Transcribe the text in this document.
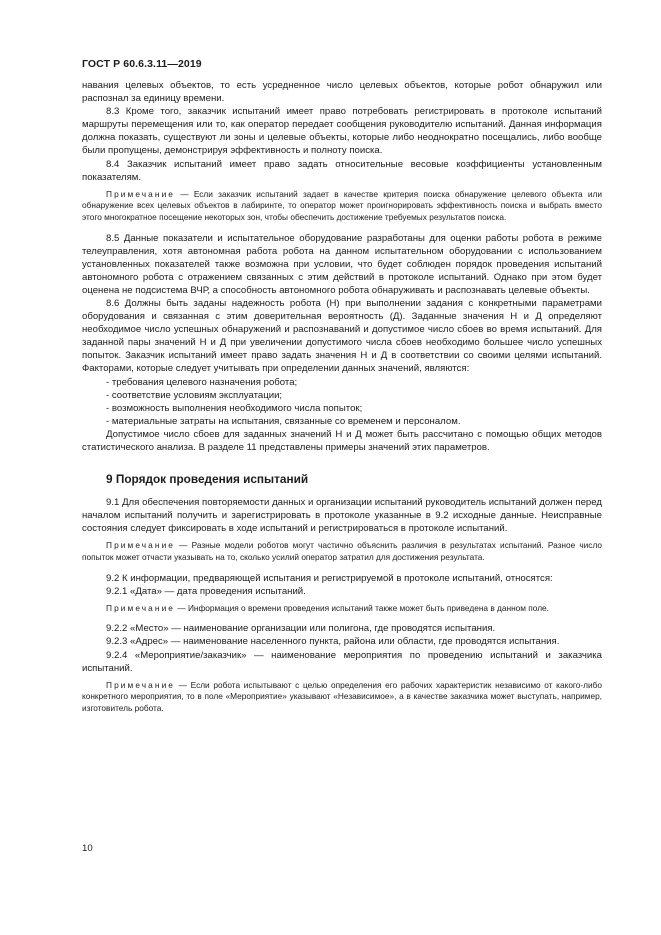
ГОСТ Р 60.6.3.11—2019

навания целевых объектов, то есть усредненное число целевых объектов, которые робот обнаружил или распознал за единицу времени.

8.3 Кроме того, заказчик испытаний имеет право потребовать регистрировать в протоколе испытаний маршруты перемещения или то, как оператор передает сообщения руководителю испытаний. Данная информация должна показать, существуют ли зоны и целевые объекты, которые либо неоднократно посещались, либо вообще были пропущены, демонстрируя эффективность и полноту поиска.

8.4 Заказчик испытаний имеет право задать относительные весовые коэффициенты установленным показателям.

Примечание — Если заказчик испытаний задает в качестве критерия поиска обнаружение целевого объекта или обнаружение всех целевых объектов в лабиринте, то оператор может проигнорировать эффективность поиска и выбрать вместо этого многократное посещение некоторых зон, чтобы обеспечить достижение требуемых результатов поиска.

8.5 Данные показатели и испытательное оборудование разработаны для оценки работы робота в режиме телеуправления, хотя автономная работа робота на данном испытательном оборудовании с использованием установленных показателей также возможна при условии, что будет соблюден порядок проведения испытаний автономного робота с отражением связанных с этим действий в протоколе испытаний. Однако при этом будет оценена не подсистема ВЧР, а способность автономного робота обнаруживать и распознавать целевые объекты.

8.6 Должны быть заданы надежность робота (Н) при выполнении задания с конкретными параметрами оборудования и связанная с этим доверительная вероятность (Д). Заданные значения Н и Д определяют необходимое число успешных обнаружений и распознаваний и допустимое число сбоев во время испытаний. Для заданной пары значений Н и Д при увеличении допустимого числа сбоев необходимо большее число успешных попыток. Заказчик испытаний имеет право задать значения Н и Д в соответствии со своими целями испытаний. Факторами, которые следует учитывать при определении данных значений, являются:

- требования целевого назначения робота;

- соответствие условиям эксплуатации;

- возможность выполнения необходимого числа попыток;

- материальные затраты на испытания, связанные со временем и персоналом.

Допустимое число сбоев для заданных значений Н и Д может быть рассчитано с помощью общих методов статистического анализа. В разделе 11 представлены примеры значений этих параметров.

9 Порядок проведения испытаний

9.1 Для обеспечения повторяемости данных и организации испытаний руководитель испытаний должен перед началом испытаний получить и зарегистрировать в протоколе указанные в 9.2 исходные данные. Неисправные состояния следует фиксировать в ходе испытаний и регистрироваться в протоколе испытаний.

Примечание — Разные модели роботов могут частично объяснить различия в результатах испытаний. Разное число попыток может отчасти указывать на то, сколько усилий оператор затратил для достижения результата.

9.2 К информации, предваряющей испытания и регистрируемой в протоколе испытаний, относятся:

9.2.1 «Дата» — дата проведения испытаний.

Примечание — Информация о времени проведения испытаний также может быть приведена в данном поле.

9.2.2 «Место» — наименование организации или полигона, где проводятся испытания.

9.2.3 «Адрес» — наименование населенного пункта, района или области, где проводятся испытания.

9.2.4 «Мероприятие/заказчик» — наименование мероприятия по проведению испытаний и заказчика испытаний.

Примечание — Если робота испытывают с целью определения его рабочих характеристик независимо от какого-либо конкретного мероприятия, то в поле «Мероприятие» указывают «Независимое», а в качестве заказчика может выступать, например, изготовитель робота.

10
